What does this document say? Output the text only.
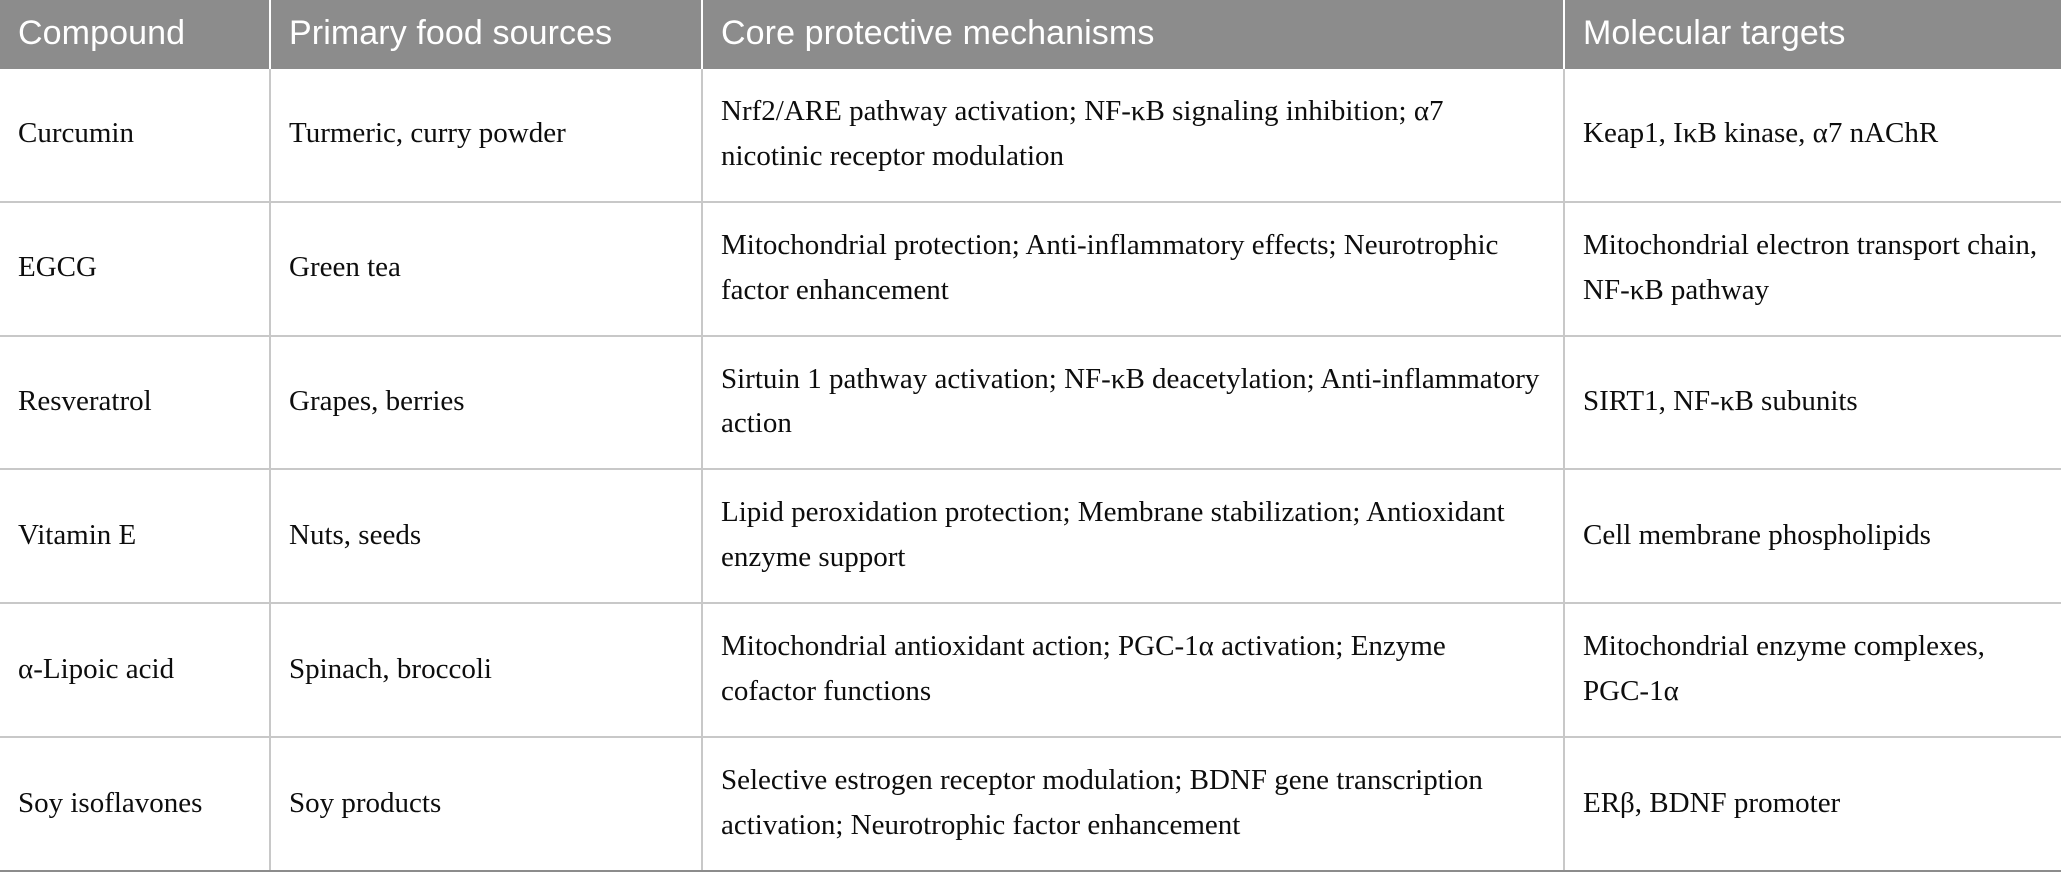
Compound	Primary food sources	Core protective mechanisms	Molecular targets
Curcumin	Turmeric, curry powder	Nrf2/ARE pathway activation; NF-κB signaling inhibition; α7 nicotinic receptor modulation	Keap1, IκB kinase, α7 nAChR
EGCG	Green tea	Mitochondrial protection; Anti-inflammatory effects; Neurotrophic factor enhancement	Mitochondrial electron transport chain, NF-κB pathway
Resveratrol	Grapes, berries	Sirtuin 1 pathway activation; NF-κB deacetylation; Anti-inflammatory action	SIRT1, NF-κB subunits
Vitamin E	Nuts, seeds	Lipid peroxidation protection; Membrane stabilization; Antioxidant enzyme support	Cell membrane phospholipids
α-Lipoic acid	Spinach, broccoli	Mitochondrial antioxidant action; PGC-1α activation; Enzyme cofactor functions	Mitochondrial enzyme complexes, PGC-1α
Soy isoflavones	Soy products	Selective estrogen receptor modulation; BDNF gene transcription activation; Neurotrophic factor enhancement	ERβ, BDNF promoter
